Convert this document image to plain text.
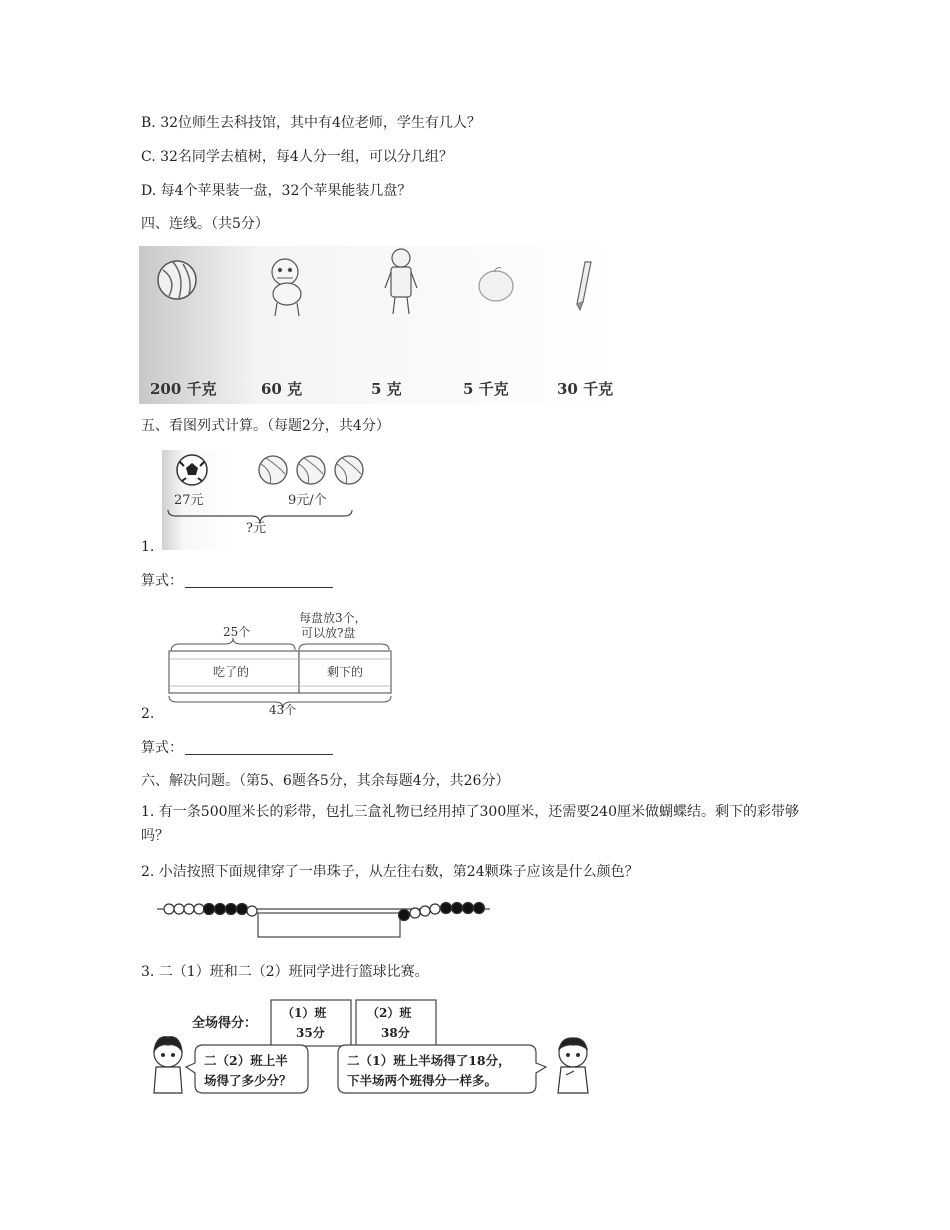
B. 32位师生去科技馆，其中有4位老师，学生有几人？
C. 32名同学去植树，每4人分一组，可以分几组？
D. 每4个苹果装一盘，32个苹果能装几盘？
四、连线。（共5分）
200 千克	60 克	5 克	5 千克	30 千克
五、看图列式计算。（每题2分，共4分）
27元	9元/个
?元
1.
算式：
每盘放3个，
可以放?盘
25个
吃了的	剩下的
43个
2.
算式：
六、解决问题。（第5、6题各5分，其余每题4分，共26分）
1. 有一条500厘米长的彩带，包扎三盒礼物已经用掉了300厘米，还需要240厘米做蝴蝶结。剩下的彩带够吗？
2. 小洁按照下面规律穿了一串珠子，从左往右数，第24颗珠子应该是什么颜色？
3. 二（1）班和二（2）班同学进行篮球比赛。
全场得分：
（1）班
35分
（2）班
38分
二（2）班上半
场得了多少分？
二（1）班上半场得了18分，
下半场两个班得分一样多。
